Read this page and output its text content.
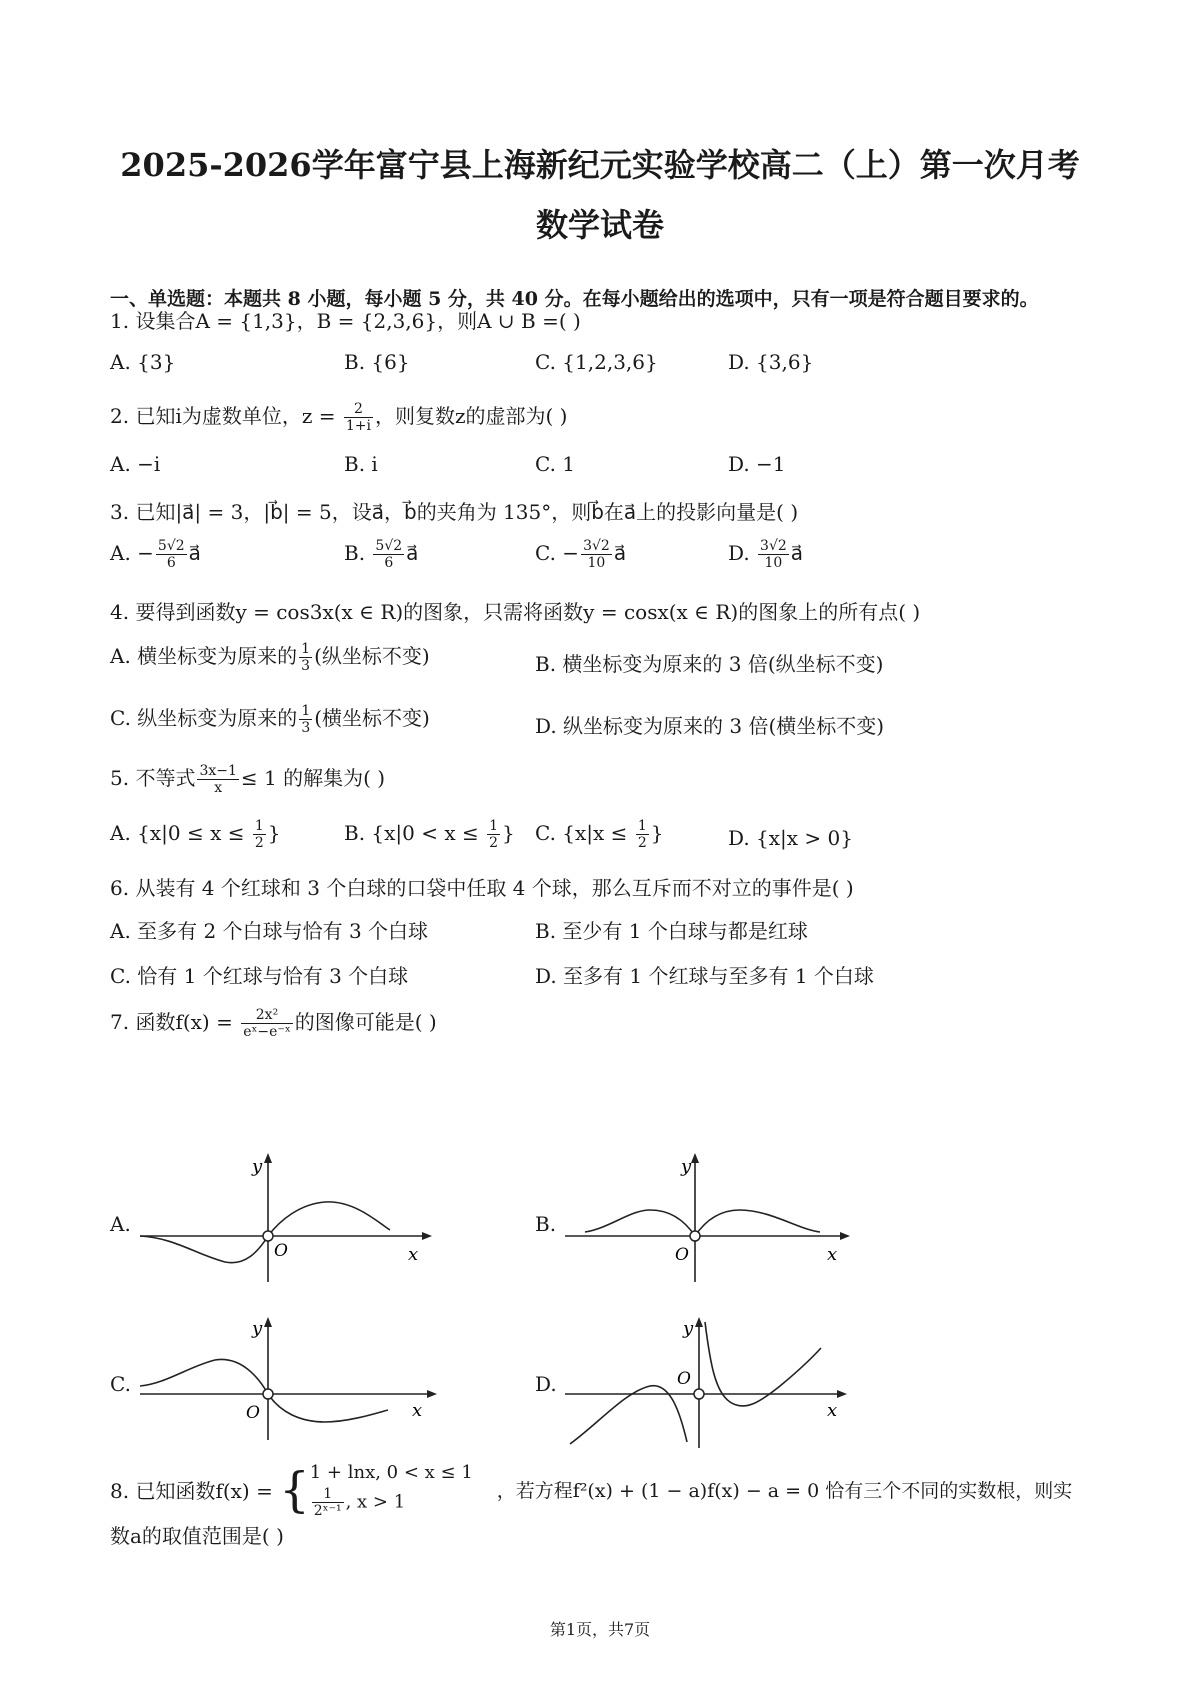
2025-2026学年富宁县上海新纪元实验学校高二（上）第一次月考
数学试卷
一、单选题：本题共 8 小题，每小题 5 分，共 40 分。在每小题给出的选项中，只有一项是符合题目要求的。
1. 设集合A = {1,3}，B = {2,3,6}，则A ∪ B =( )
A. {3}	B. {6}	C. {1,2,3,6}	D. {3,6}
2. 已知i为虚数单位，$z = \frac{2}{1+i}$ ，则复数z的虚部为( )
A. −i	B. i	C. 1	D. −1
3. 已知|a⃗| = 3，|b⃗| = 5，设a⃗，b⃗的夹角为 135°，则b⃗在a⃗上的投影向量是( )
A. − $\frac{5√2}{6}$ a⃗	B. $\frac{5√2}{6}$ a⃗	C. − $\frac{3√2}{10}$ a⃗	D. $\frac{3√2}{10}$ a⃗
4. 要得到函数y = cos3x(x ∈ R)的图象，只需将函数y = cosx(x ∈ R)的图象上的所有点( )
A. 横坐标变为原来的 $\frac{1}{3}$ (纵坐标不变)	B. 横坐标变为原来的 3 倍(纵坐标不变)
C. 纵坐标变为原来的 $\frac{1}{3}$ (横坐标不变)	D. 纵坐标变为原来的 3 倍(横坐标不变)
5. 不等式 $\frac{3x-1}{x} \le 1$ 的解集为( )
A. {$x|0 \le x \le \frac{1}{2}$ }	B. {$x|0 < x \le \frac{1}{2}$ } C. {$x|x \le \frac{1}{2}$ }	D. {x|x > 0}
6. 从装有 4 个红球和 3 个白球的口袋中任取 4 个球，那么互斥而不对立的事件是( )
A. 至多有 2 个白球与恰有 3 个白球	B. 至少有 1 个白球与都是红球
C. 恰有 1 个红球与恰有 3 个白球	D. 至多有 1 个红球与至多有 1 个白球
7. 函数$f(x) = \frac{\text{2x²}}{\text{eˣ−e⁻ˣ}}$ 的图像可能是( )
A.	B.
C.	D.
O	x
y
O	x
y
O	x
y
O
x
y
8. 已知函数f(x) = { 1 + lnx, 0 < x ≤ 1
$\frac{1}{\text{2ˣ⁻¹}}$ , x > 1	，若方程f²(x) + (1 − a)f(x) − a = 0 恰有三个不同的实数根，则实
数a的取值范围是( )
第1页，共7页
